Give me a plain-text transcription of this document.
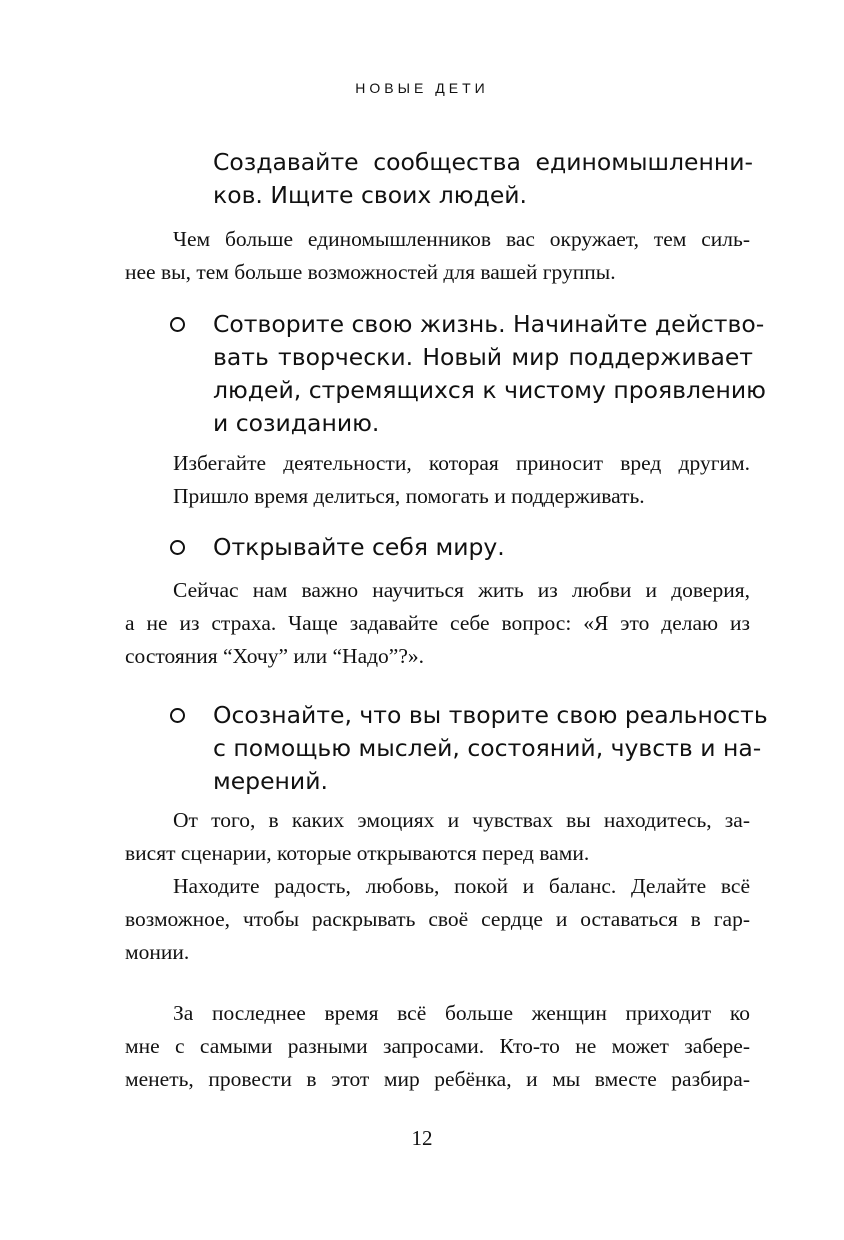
НОВЫЕ ДЕТИ
Создавайте сообщества единомышленни-
ков. Ищите своих людей.

Чем больше единомышленников вас окружает, тем силь-
нее вы, тем больше возможностей для вашей группы.

Сотворите свою жизнь. Начинайте действо-
вать творчески. Новый мир поддерживает
людей, стремящихся к чистому проявлению
и созиданию.

Избегайте деятельности, которая приносит вред другим.
Пришло время делиться, помогать и поддерживать.

Открывайте себя миру.

Сейчас нам важно научиться жить из любви и доверия,
а не из страха. Чаще задавайте себе вопрос: «Я это делаю из
состояния “Хочу” или “Надо”?».

Осознайте, что вы творите свою реальность
с помощью мыслей, состояний, чувств и на-
мерений.

От того, в каких эмоциях и чувствах вы находитесь, за-
висят сценарии, которые открываются перед вами.

Находите радость, любовь, покой и баланс. Делайте всё
возможное, чтобы раскрывать своё сердце и оставаться в гар-
монии.

За последнее время всё больше женщин приходит ко
мне с самыми разными запросами. Кто-то не может забере-
менеть, провести в этот мир ребёнка, и мы вместе разбира-

12
